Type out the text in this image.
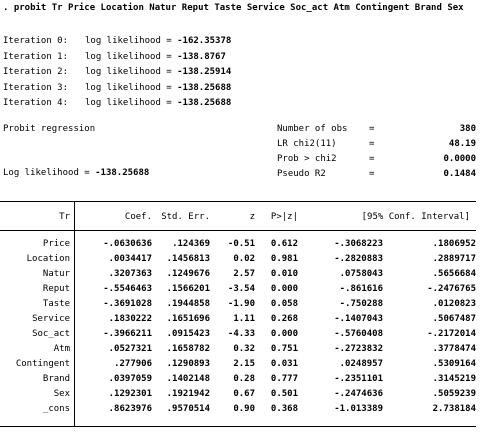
. probit Tr Price Location Natur Reput Taste Service Soc_act Atm Contingent Brand Sex
Iteration 0: log likelihood = -162.35378
Iteration 1: log likelihood = -138.8767
Iteration 2: log likelihood = -138.25914
Iteration 3: log likelihood = -138.25688
Iteration 4: log likelihood = -138.25688
Probit regression	Number of obs =	380
LR chi2(11)	=	48.19
Prob > chi2	=	0.0000
Pseudo R2	=	0.1484
Log likelihood = -138.25688
Tr	Coef.	Std. Err.	z	P>|z|	[95% Conf. Interval]	

Price	-.0630636	.124369	-0.51	0.612	-.3068223	.1806952
Location	.0034417	.1456813	0.02	0.981	-.2820883	.2889717
Natur	.3207363	.1249676	2.57	0.010	.0758043	.5656684
Reput	-.5546463	.1566201	-3.54	0.000	-.861616	-.2476765
Taste	-.3691028	.1944858	-1.90	0.058	-.750288	.0120823
Service	.1830222	.1651696	1.11	0.268	-.1407043	.5067487
Soc_act	-.3966211	.0915423	-4.33	0.000	-.5760408	-.2172014
Atm	.0527321	.1658782	0.32	0.751	-.2723832	.3778474
Contingent	.277906	.1290893	2.15	0.031	.0248957	.5309164
Brand	.0397059	.1402148	0.28	0.777	-.2351101	.3145219
Sex	.1292301	.1921942	0.67	0.501	-.2474636	.5059239
_cons	.8623976	.9570514	0.90	0.368	-1.013389	2.738184
